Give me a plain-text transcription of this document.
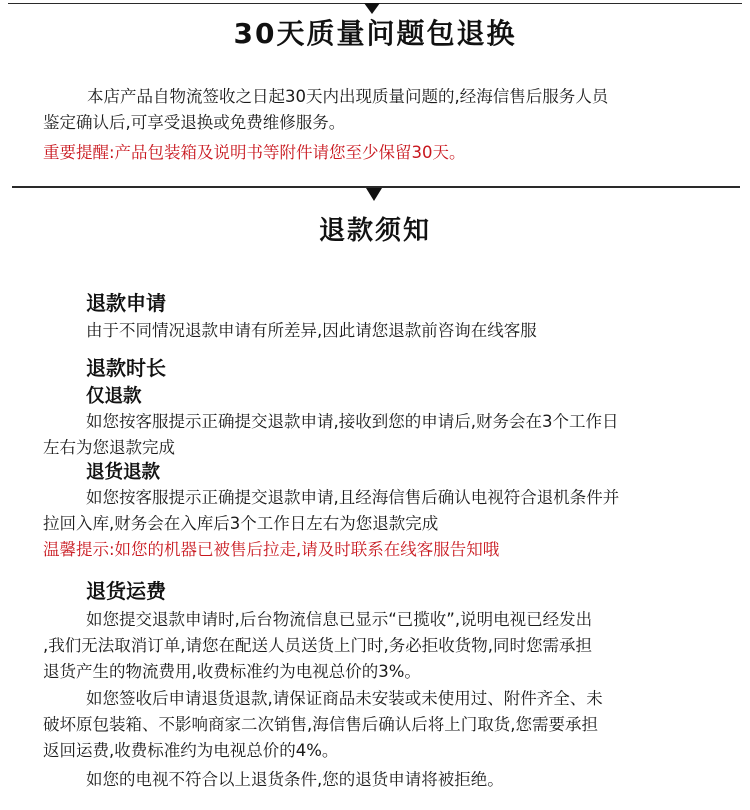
30天质量问题包退换
本店产品自物流签收之日起30天内出现质量问题的,经海信售后服务人员
鉴定确认后,可享受退换或免费维修服务。
重要提醒:产品包装箱及说明书等附件请您至少保留30天。
退款须知
退款申请
由于不同情况退款申请有所差异,因此请您退款前咨询在线客服
退款时长
仅退款
如您按客服提示正确提交退款申请,接收到您的申请后,财务会在3个工作日
左右为您退款完成
退货退款
如您按客服提示正确提交退款申请,且经海信售后确认电视符合退机条件并
拉回入库,财务会在入库后3个工作日左右为您退款完成
温馨提示:如您的机器已被售后拉走,请及时联系在线客服告知哦
退货运费
如您提交退款申请时,后台物流信息已显示“已揽收”,说明电视已经发出
,我们无法取消订单,请您在配送人员送货上门时,务必拒收货物,同时您需承担
退货产生的物流费用,收费标准约为电视总价的3%。
如您签收后申请退货退款,请保证商品未安装或未使用过、附件齐全、未
破坏原包装箱、不影响商家二次销售,海信售后确认后将上门取货,您需要承担
返回运费,收费标准约为电视总价的4%。
如您的电视不符合以上退货条件,您的退货申请将被拒绝。
